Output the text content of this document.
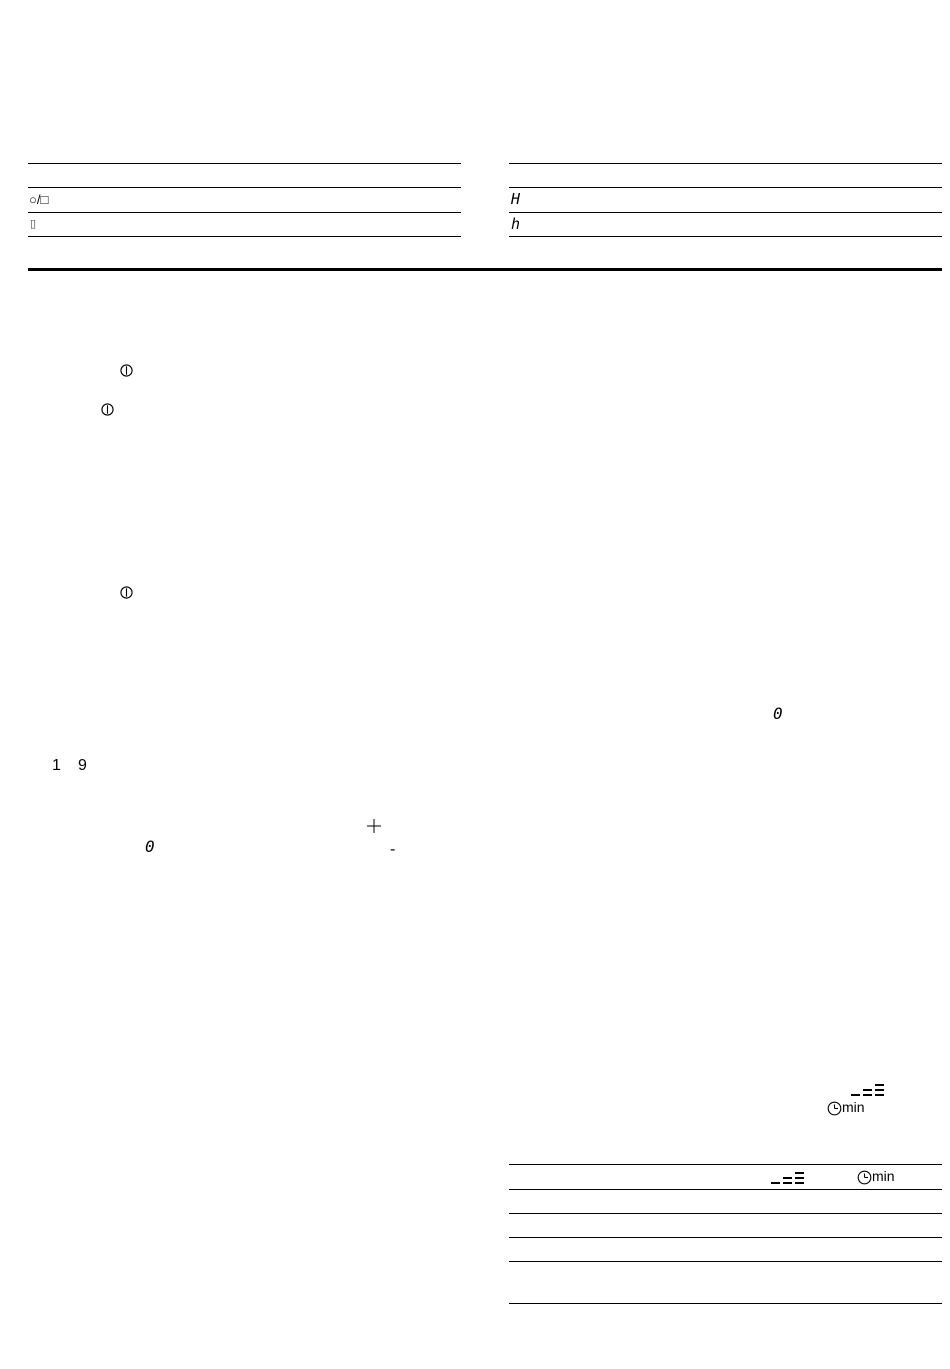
○/□
▯
H
h
0
1 9
0	-
min
min
